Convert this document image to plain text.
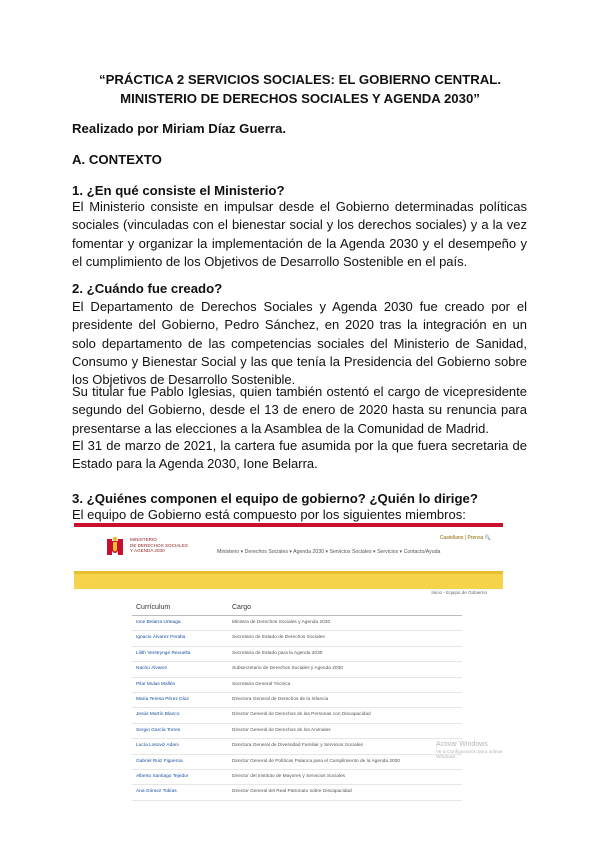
“PRÁCTICA 2 SERVICIOS SOCIALES: EL GOBIERNO CENTRAL. MINISTERIO DE DERECHOS SOCIALES Y AGENDA 2030”
Realizado por Miriam Díaz Guerra.
A. CONTEXTO
1. ¿En qué consiste el Ministerio?
El Ministerio consiste en impulsar desde el Gobierno determinadas políticas sociales (vinculadas con el bienestar social y los derechos sociales) y a la vez fomentar y organizar la implementación de la Agenda 2030 y el desempeño y el cumplimiento de los Objetivos de Desarrollo Sostenible en el país.
2. ¿Cuándo fue creado?
El Departamento de Derechos Sociales y Agenda 2030 fue creado por el presidente del Gobierno, Pedro Sánchez, en 2020 tras la integración en un solo departamento de las competencias sociales del Ministerio de Sanidad, Consumo y Bienestar Social y las que tenía la Presidencia del Gobierno sobre los Objetivos de Desarrollo Sostenible.
Su titular fue Pablo Iglesias, quien también ostentó el cargo de vicepresidente segundo del Gobierno, desde el 13 de enero de 2020 hasta su renuncia para presentarse a las elecciones a la Asamblea de la Comunidad de Madrid.
El 31 de marzo de 2021, la cartera fue asumida por la que fuera secretaria de Estado para la Agenda 2030, Ione Belarra.
3. ¿Quiénes componen el equipo de gobierno? ¿Quién lo dirige?
El equipo de Gobierno está compuesto por los siguientes miembros:
MINISTERIO
DE DERECHOS SOCIALES
Y AGENDA 2030
Castellano | Prensa 🔍
Ministerio ▾ Derechos Sociales ▾ Agenda 2030 ▾ Servicios Sociales ▾ Servicios ▾ Contacto/Ayuda
Inicio › Equipo de Gobierno
Currículum	Cargo
Ione Belarra Urteaga	Ministra de Derechos Sociales y Agenda 2030
Ignacio Álvarez Peralta	Secretario de Estado de Derechos Sociales
Lilith Verstrynge Revuelta	Secretaria de Estado para la Agenda 2030
Nacho Álvarez	Subsecretario de Derechos Sociales y Agenda 2030
Pilar Mulas Mallén	Secretaria General Técnica
María Teresa Pérez Díaz	Directora General de Derechos de la Infancia
Jesús Martín Blanco	Director General de Derechos de las Personas con Discapacidad
Sergio García Torres	Director General de Derechos de los Animales
Lucía Losoviz Adani	Directora General de Diversidad Familiar y Servicios Sociales
Gabriel Ruiz Figueroa	Director General de Políticas Palanca para el Cumplimiento de la Agenda 2030
Alberto Santiago Tejedor	Director del Instituto de Mayores y Servicios Sociales
Ana Gómez Tobías	Director General del Real Patronato sobre Discapacidad
Activar Windows
Ve a Configuración para activar Windows.
